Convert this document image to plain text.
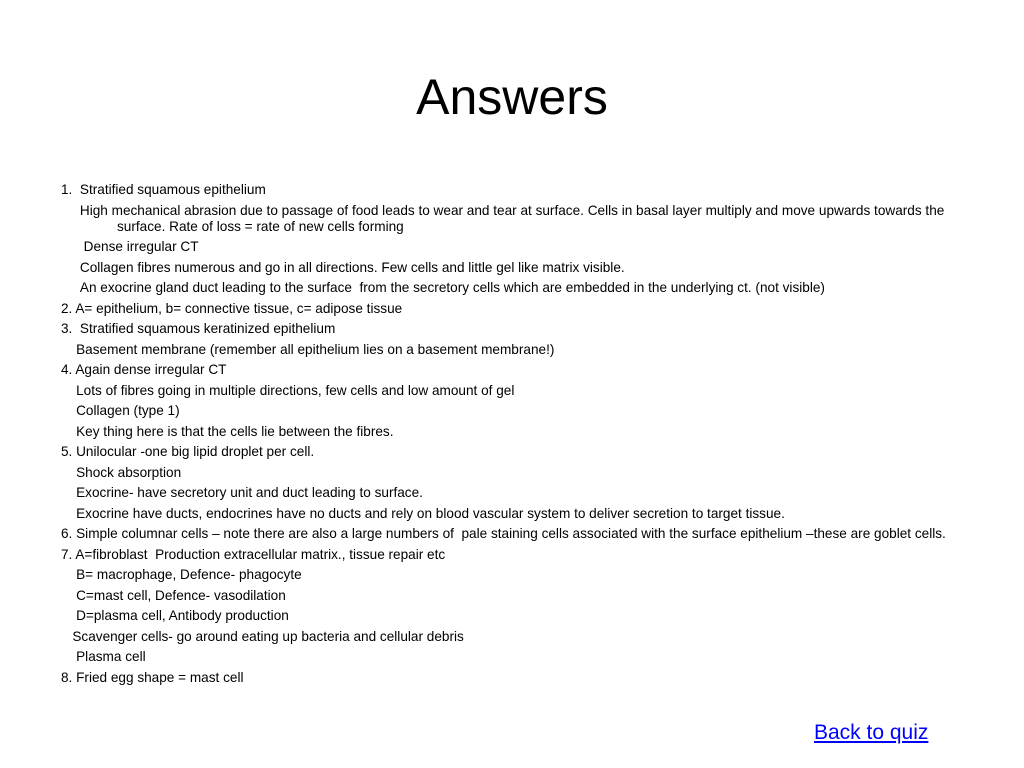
Answers

1.  Stratified squamous epithelium

High mechanical abrasion due to passage of food leads to wear and tear at surface. Cells in basal layer multiply and move upwards towards the surface. Rate of loss = rate of new cells forming

Dense irregular CT

Collagen fibres numerous and go in all directions. Few cells and little gel like matrix visible.

An exocrine gland duct leading to the surface  from the secretory cells which are embedded in the underlying ct. (not visible)

2. A= epithelium, b= connective tissue, c= adipose tissue

3.  Stratified squamous keratinized epithelium

Basement membrane (remember all epithelium lies on a basement membrane!)

4. Again dense irregular CT

Lots of fibres going in multiple directions, few cells and low amount of gel

Collagen (type 1)

Key thing here is that the cells lie between the fibres.

5. Unilocular -one big lipid droplet per cell.

Shock absorption

Exocrine- have secretory unit and duct leading to surface.

Exocrine have ducts, endocrines have no ducts and rely on blood vascular system to deliver secretion to target tissue.

6. Simple columnar cells – note there are also a large numbers of  pale staining cells associated with the surface epithelium –these are goblet cells.

7. A=fibroblast  Production extracellular matrix., tissue repair etc

B= macrophage, Defence- phagocyte

C=mast cell, Defence- vasodilation

D=plasma cell, Antibody production

Scavenger cells- go around eating up bacteria and cellular debris

Plasma cell

8. Fried egg shape = mast cell

Back to quiz
